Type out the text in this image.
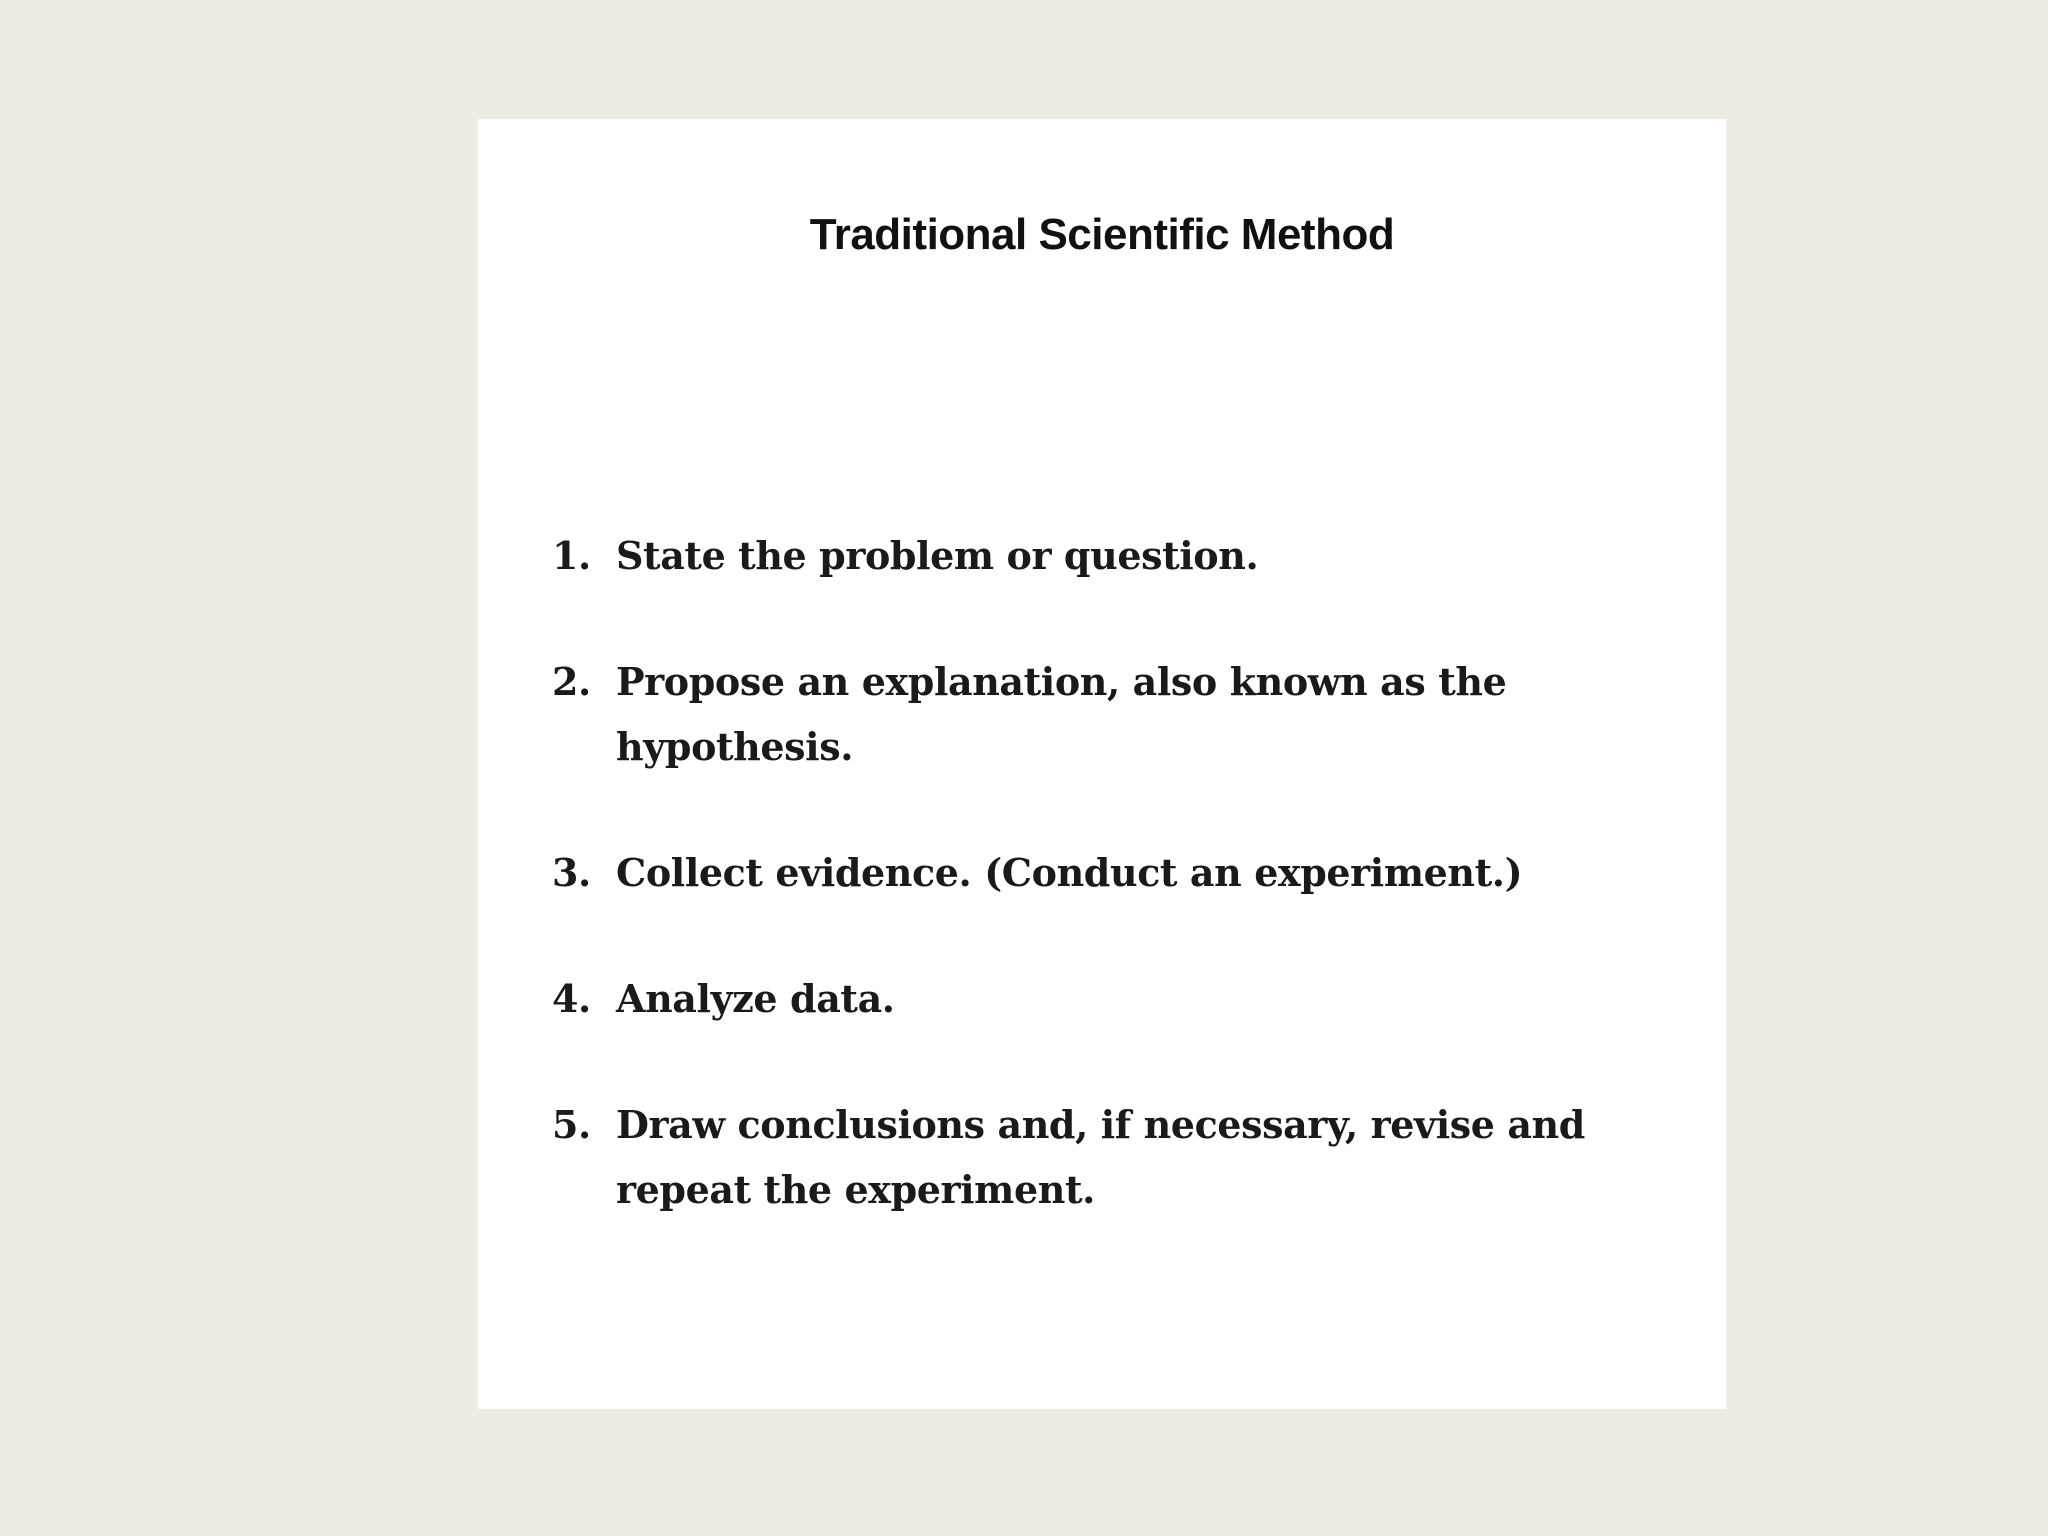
Traditional Scientific Method
1. State the problem or question.
2. Propose an explanation, also known as the hypothesis.
3. Collect evidence. (Conduct an experiment.)
4. Analyze data.
5. Draw conclusions and, if necessary, revise and repeat the experiment.
